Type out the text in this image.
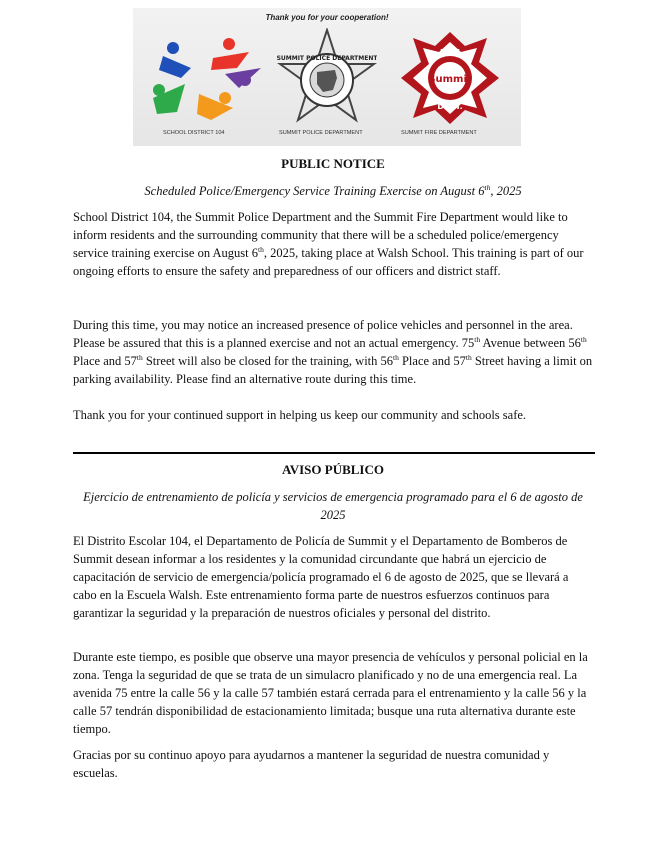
Thank you for your cooperation!
SCHOOL DISTRICT 104
SUMMIT POLICE DEPARTMENT
SUMMIT POLICE DEPARTMENT
FIRE
Summit
DEPT.
SUMMIT FIRE DEPARTMENT
PUBLIC NOTICE
Scheduled Police/Emergency Service Training Exercise on August 6th, 2025

School District 104, the Summit Police Department and the Summit Fire Department would like to inform residents and the surrounding community that there will be a scheduled police/emergency service training exercise on August 6th, 2025, taking place at Walsh School. This training is part of our ongoing efforts to ensure the safety and preparedness of our officers and district staff.

During this time, you may notice an increased presence of police vehicles and personnel in the area. Please be assured that this is a planned exercise and not an actual emergency. 75th Avenue between 56th Place and 57th Street will also be closed for the training, with 56th Place and 57th Street having a limit on parking availability. Please find an alternative route during this time.

Thank you for your continued support in helping us keep our community and schools safe.

AVISO PÚBLICO
Ejercicio de entrenamiento de policía y servicios de emergencia programado para el 6 de agosto de 2025

El Distrito Escolar 104, el Departamento de Policía de Summit y el Departamento de Bomberos de Summit desean informar a los residentes y la comunidad circundante que habrá un ejercicio de capacitación de servicio de emergencia/policía programado el 6 de agosto de 2025, que se llevará a cabo en la Escuela Walsh. Este entrenamiento forma parte de nuestros esfuerzos continuos para garantizar la seguridad y la preparación de nuestros oficiales y personal del distrito.

Durante este tiempo, es posible que observe una mayor presencia de vehículos y personal policial en la zona. Tenga la seguridad de que se trata de un simulacro planificado y no de una emergencia real. La avenida 75 entre la calle 56 y la calle 57 también estará cerrada para el entrenamiento y la calle 56 y la calle 57 tendrán disponibilidad de estacionamiento limitada; busque una ruta alternativa durante este tiempo.

Gracias por su continuo apoyo para ayudarnos a mantener la seguridad de nuestra comunidad y escuelas.
